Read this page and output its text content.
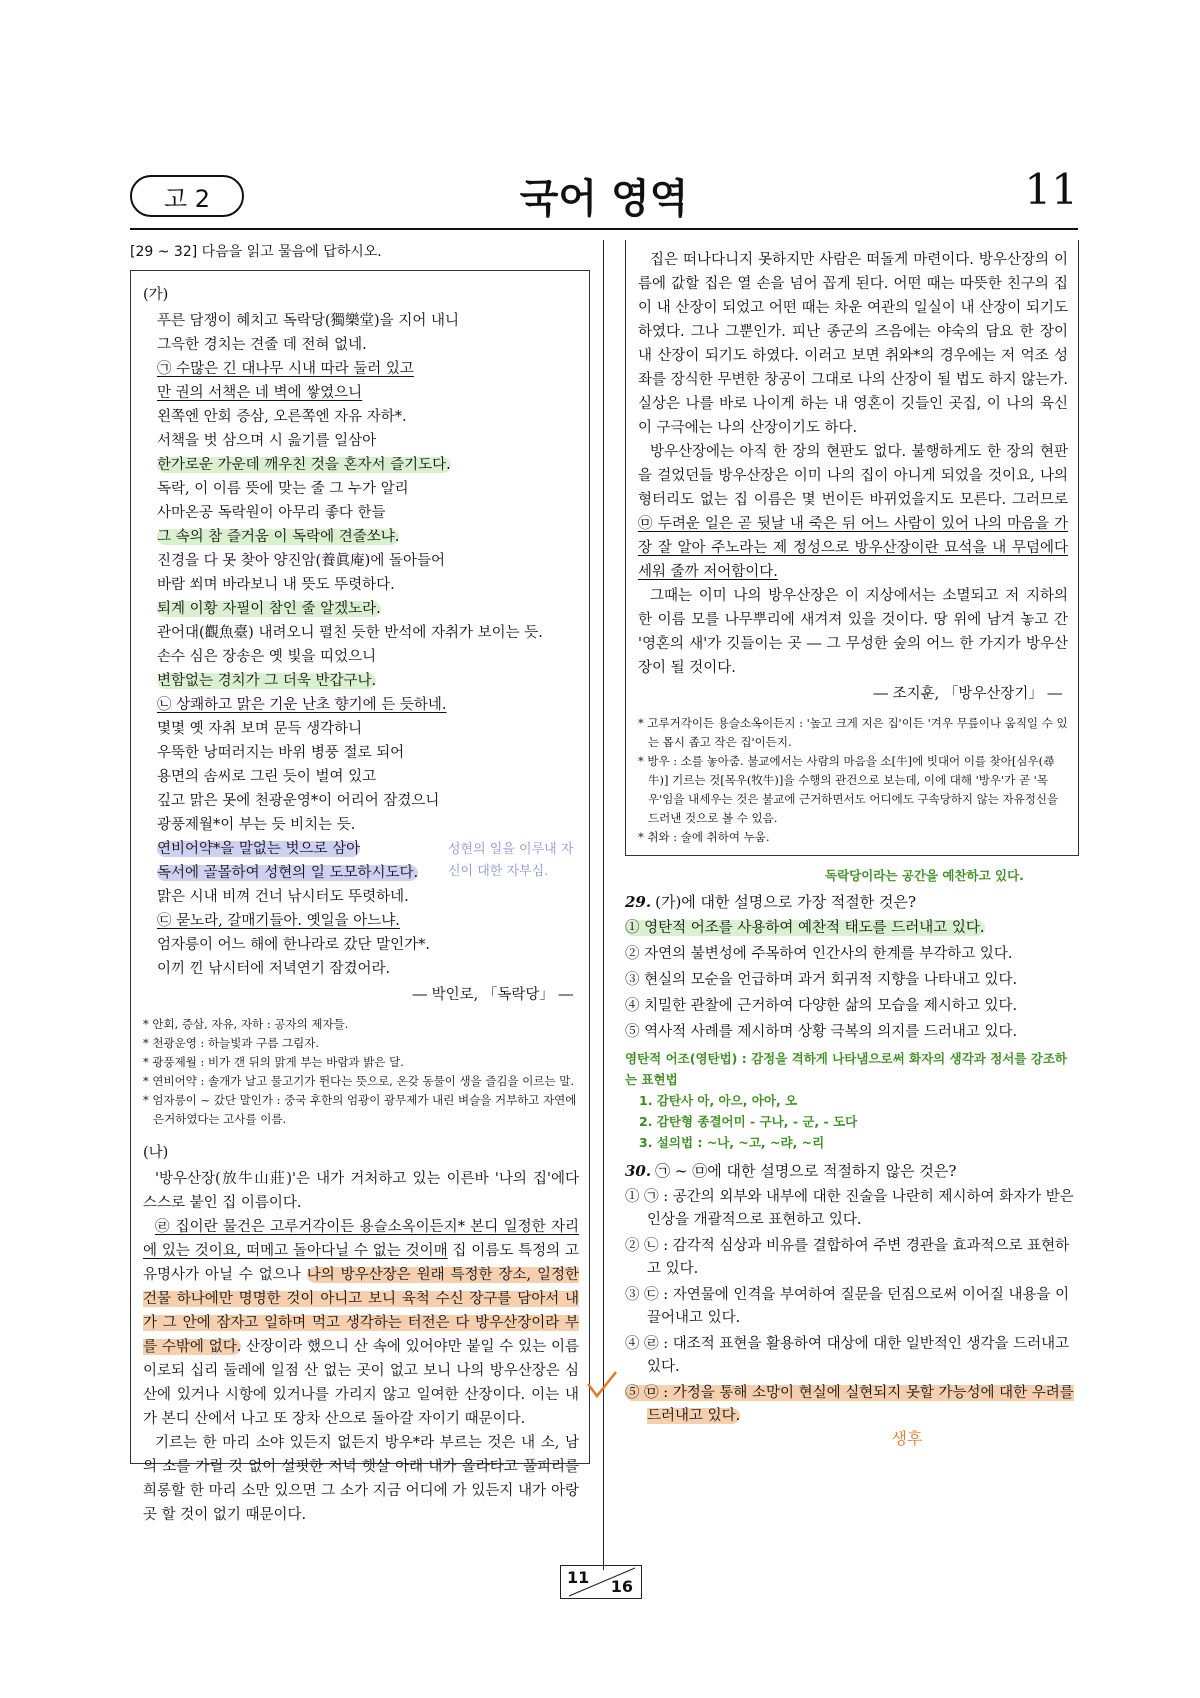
고 2	국어 영역	11
[29 ~ 32] 다음을 읽고 물음에 답하시오.
(가)
푸른 담쟁이 혜치고 독락당(獨樂堂)을 지어 내니
그윽한 경치는 견줄 데 전혀 없네.
㉠ 수많은 긴 대나무 시내 따라 둘러 있고
만 권의 서책은 네 벽에 쌓였으니
왼쪽엔 안회 증삼, 오른쪽엔 자유 자하*.
서책을 벗 삼으며 시 읊기를 일삼아
한가로운 가운데 깨우친 것을 혼자서 즐기도다.
독락, 이 이름 뜻에 맞는 줄 그 누가 알리
사마온공 독락원이 아무리 좋다 한들
그 속의 참 즐거움 이 독락에 견줄쏘냐.
진경을 다 못 찾아 양진암(養眞庵)에 돌아들어
바람 쐬며 바라보니 내 뜻도 뚜렷하다.
퇴계 이황 자필이 참인 줄 알겠노라.
관어대(觀魚臺) 내려오니 펼친 듯한 반석에 자취가 보이는 듯.
손수 심은 장송은 옛 빛을 띠었으니
변함없는 경치가 그 더욱 반갑구나.
㉡ 상쾌하고 맑은 기운 난초 향기에 든 듯하네.
몇몇 옛 자취 보며 문득 생각하니
우뚝한 낭떠러지는 바위 병풍 절로 되어
용면의 솜씨로 그린 듯이 벌여 있고
깊고 맑은 못에 천광운영*이 어리어 잠겼으니
광풍제월*이 부는 듯 비치는 듯.
연비어약*을 말없는 벗으로 삼아
독서에 골몰하여 성현의 일 도모하시도다.
성현의 일을 이루내 자신이 대한 자부심.
맑은 시내 비껴 건너 낚시터도 뚜렷하네.
㉢ 묻노라, 갈매기들아. 옛일을 아느냐.
엄자릉이 어느 해에 한나라로 갔단 말인가*.
이끼 낀 낚시터에 저녁연기 잠겼어라.
― 박인로, 「독락당」 ―
* 안회, 증삼, 자유, 자하 : 공자의 제자들.
* 천광운영 : 하늘빛과 구름 그림자.
* 광풍제월 : 비가 갠 뒤의 맑게 부는 바람과 밝은 달.
* 연비어약 : 솔개가 날고 물고기가 뛴다는 뜻으로, 온갖 동물이 생을 즐김을 이르는 말.
* 엄자릉이 ~ 갔단 말인가 : 중국 후한의 엄광이 광무제가 내린 벼슬을 거부하고 자연에 은거하였다는 고사를 이름.
(나)

'방우산장(放牛山莊)'은 내가 거처하고 있는 이른바 '나의 집'에다 스스로 붙인 집 이름이다.

㉣ 집이란 물건은 고루거각이든 용슬소옥이든지* 본디 일정한 자리에 있는 것이요, 떠메고 돌아다닐 수 없는 것이매 집 이름도 특정의 고유명사가 아닐 수 없으나 나의 방우산장은 원래 특정한 장소, 일정한 건물 하나에만 명명한 것이 아니고 보니 육척 수신 장구를 담아서 내가 그 안에 잠자고 일하며 먹고 생각하는 터전은 다 방우산장이라 부를 수밖에 없다. 산장이라 했으니 산 속에 있어야만 붙일 수 있는 이름이로되 십리 둘레에 일점 산 없는 곳이 없고 보니 나의 방우산장은 심산에 있거나 시항에 있거나를 가리지 않고 일여한 산장이다. 이는 내가 본디 산에서 나고 또 장차 산으로 돌아갈 자이기 때문이다.

기르는 한 마리 소야 있든지 없든지 방우*라 부르는 것은 내 소, 남의 소를 가릴 것 없이 설핏한 저녁 햇살 아래 내가 올라타고 풀피리를 희롱할 한 마리 소만 있으면 그 소가 지금 어디에 가 있든지 내가 아랑곳 할 것이 없기 때문이다.

집은 떠나다니지 못하지만 사람은 떠돌게 마련이다. 방우산장의 이름에 값할 집은 열 손을 넘어 꼽게 된다. 어떤 때는 따뜻한 친구의 집이 내 산장이 되었고 어떤 때는 차운 여관의 일실이 내 산장이 되기도 하였다. 그나 그뿐인가. 피난 종군의 즈음에는 야숙의 담요 한 장이 내 산장이 되기도 하였다. 이러고 보면 취와*의 경우에는 저 억조 성좌를 장식한 무변한 창공이 그대로 나의 산장이 될 법도 하지 않는가. 실상은 나를 바로 나이게 하는 내 영혼이 깃들인 곳집, 이 나의 육신이 구극에는 나의 산장이기도 하다.

방우산장에는 아직 한 장의 현판도 없다. 불행하게도 한 장의 현판을 걸었던들 방우산장은 이미 나의 집이 아니게 되었을 것이요, 나의 형터리도 없는 집 이름은 몇 번이든 바뀌었을지도 모른다. 그러므로 ㉤ 두려운 일은 곧 뒷날 내 죽은 뒤 어느 사람이 있어 나의 마음을 가장 잘 알아 주노라는 제 정성으로 방우산장이란 묘석을 내 무덤에다 세워 줄까 저어함이다.

그때는 이미 나의 방우산장은 이 지상에서는 소멸되고 저 지하의 한 이름 모를 나무뿌리에 새겨져 있을 것이다. 땅 위에 남겨 놓고 간 '영혼의 새'가 깃들이는 곳 ― 그 무성한 숲의 어느 한 가지가 방우산장이 될 것이다.

― 조지훈, 「방우산장기」 ―
* 고루거각이든 용슬소옥이든지 : '높고 크게 지은 집'이든 '겨우 무릎이나 움직일 수 있는 몹시 좁고 작은 집'이든지.
* 방우 : 소를 놓아줌. 불교에서는 사람의 마음을 소[牛]에 빗대어 이를 찾아[심우(尋牛)] 기르는 것[목우(牧牛)]을 수행의 관건으로 보는데, 이에 대해 '방우'가 곧 '목우'임을 내세우는 것은 불교에 근거하면서도 어디에도 구속당하지 않는 자유정신을 드러낸 것으로 볼 수 있음.
* 취와 : 술에 취하여 누움.
독락당이라는 공간을 예찬하고 있다.
29. (가)에 대한 설명으로 가장 적절한 것은?
① 영탄적 어조를 사용하여 예찬적 태도를 드러내고 있다.
② 자연의 불변성에 주목하여 인간사의 한계를 부각하고 있다.
③ 현실의 모순을 언급하며 과거 회귀적 지향을 나타내고 있다.
④ 치밀한 관찰에 근거하여 다양한 삶의 모습을 제시하고 있다.
⑤ 역사적 사례를 제시하며 상황 극복의 의지를 드러내고 있다.
영탄적 어조(영탄법) : 감정을 격하게 나타냄으로써 화자의 생각과 정서를 강조하는 표현법
1. 감탄사 아, 아으, 아아, 오
2. 감탄형 종결어미 - 구나, - 군, - 도다
3. 설의법 : ~나, ~고, ~랴, ~리
30. ㉠ ~ ㉤에 대한 설명으로 적절하지 않은 것은?
① ㉠ : 공간의 외부와 내부에 대한 진술을 나란히 제시하여 화자가 받은 인상을 개괄적으로 표현하고 있다.
② ㉡ : 감각적 심상과 비유를 결합하여 주변 경관을 효과적으로 표현하고 있다.
③ ㉢ : 자연물에 인격을 부여하여 질문을 던짐으로써 이어질 내용을 이끌어내고 있다.
④ ㉣ : 대조적 표현을 활용하여 대상에 대한 일반적인 생각을 드러내고 있다.
⑤ ㉤ : 가정을 통해 소망이 현실에 실현되지 못할 가능성에 대한 우려를 드러내고 있다.
생후
11 16
